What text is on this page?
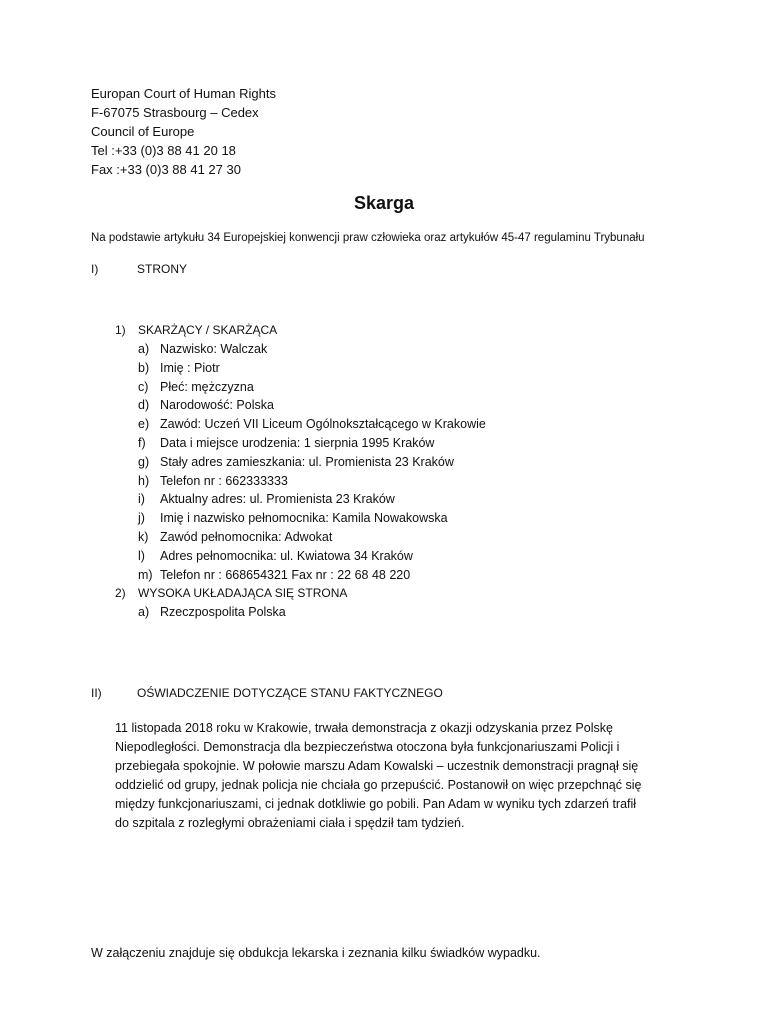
Europan Court of Human Rights
F-67075 Strasbourg – Cedex
Council of Europe
Tel :+33 (0)3 88 41 20 18
Fax :+33 (0)3 88 41 27 30
Skarga
Na podstawie artykułu 34 Europejskiej konwencji praw człowieka oraz artykułów 45-47 regulaminu Trybunału
I)	STRONY
1) SKARŻĄCY / SKARŻĄCA
a) Nazwisko: Walczak
b) Imię : Piotr
c) Płeć: mężczyzna
d) Narodowość: Polska
e) Zawód: Uczeń VII Liceum Ogólnokształcącego w Krakowie
f) Data i miejsce urodzenia: 1 sierpnia 1995 Kraków
g) Stały adres zamieszkania: ul. Promienista 23 Kraków
h) Telefon nr : 662333333
i) Aktualny adres: ul. Promienista 23 Kraków
j) Imię i nazwisko pełnomocnika: Kamila Nowakowska
k) Zawód pełnomocnika: Adwokat
l) Adres pełnomocnika: ul. Kwiatowa 34 Kraków
m) Telefon nr : 668654321 Fax nr : 22 68 48 220
2) WYSOKA UKŁADAJĄCA SIĘ STRONA
a) Rzeczpospolita Polska
II)	OŚWIADCZENIE DOTYCZĄCE STANU FAKTYCZNEGO
11 listopada 2018 roku w Krakowie, trwała demonstracja z okazji odzyskania przez Polskę
Niepodległości. Demonstracja dla bezpieczeństwa otoczona była funkcjonariuszami Policji i
przebiegała spokojnie. W połowie marszu Adam Kowalski – uczestnik demonstracji pragnął się
oddzielić od grupy, jednak policja nie chciała go przepuścić. Postanowił on więc przepchnąć się
między funkcjonariuszami, ci jednak dotkliwie go pobili. Pan Adam w wyniku tych zdarzeń trafił
do szpitala z rozległymi obrażeniami ciała i spędził tam tydzień.
W załączeniu znajduje się obdukcja lekarska i zeznania kilku świadków wypadku.
